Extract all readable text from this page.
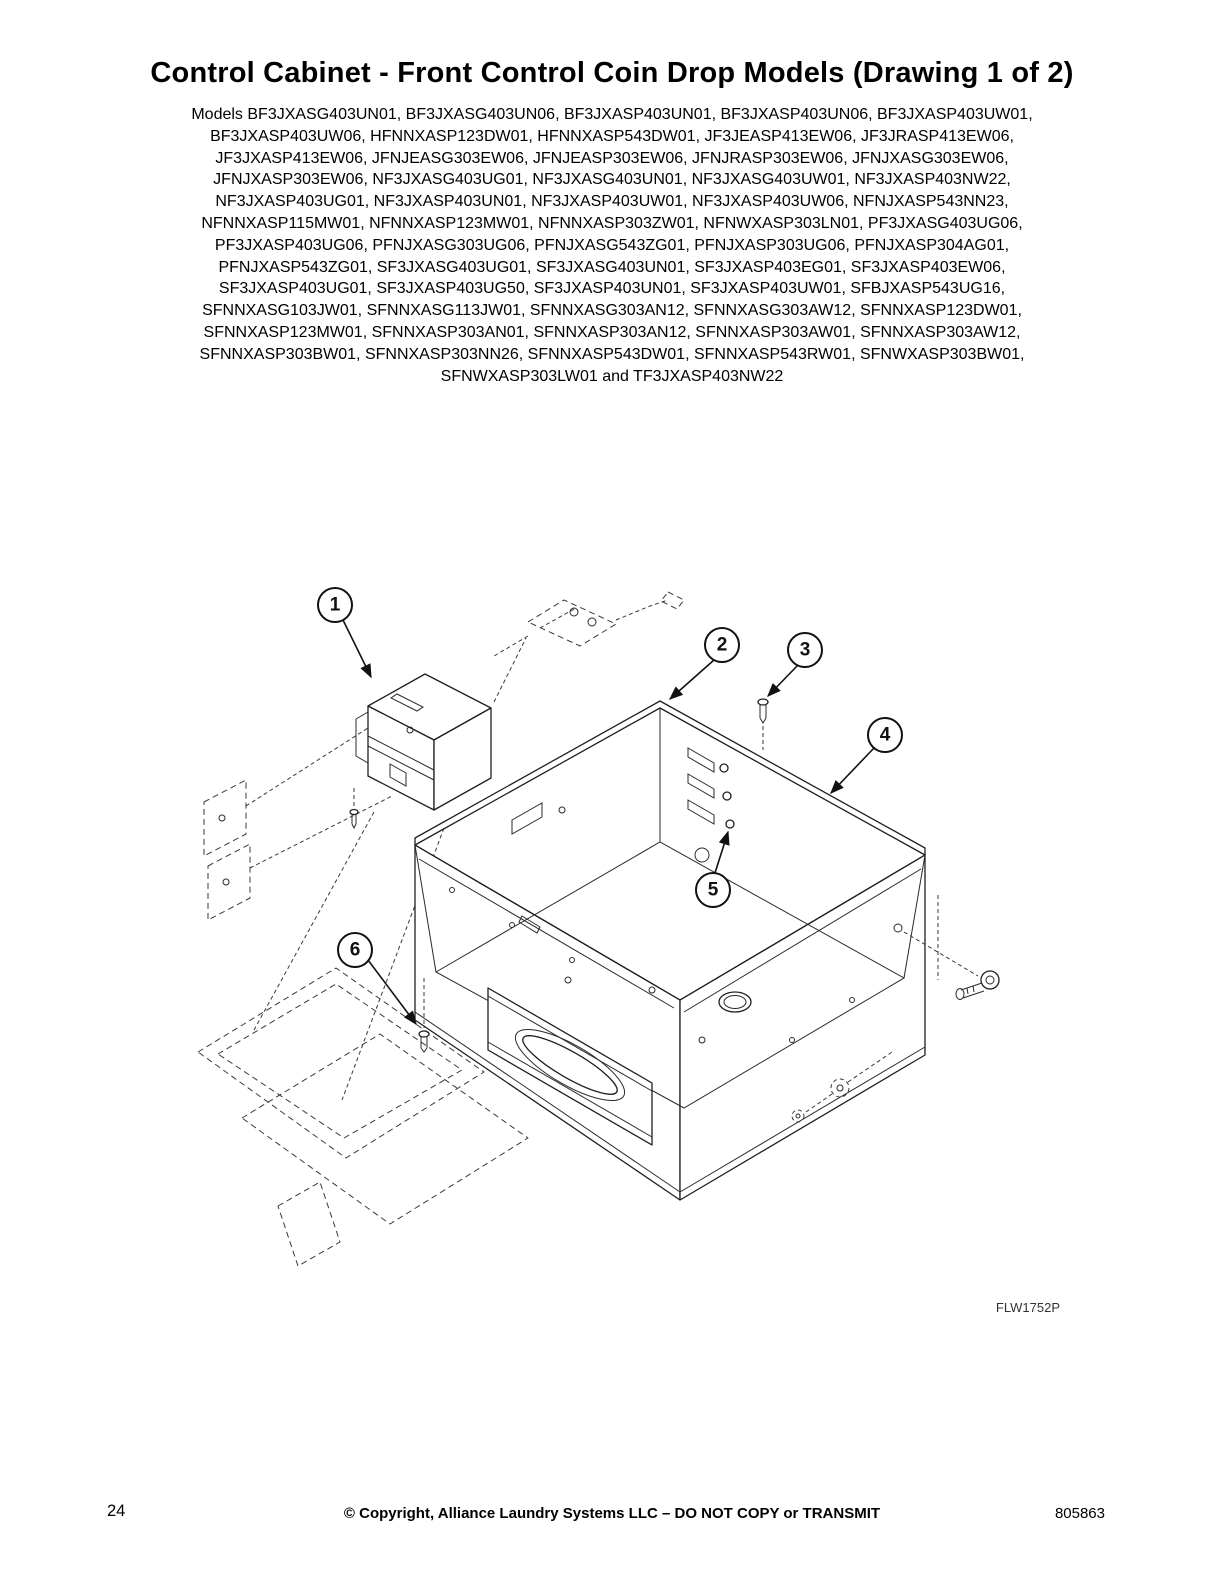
Control Cabinet - Front Control Coin Drop Models (Drawing 1 of 2)
Models BF3JXASG403UN01, BF3JXASG403UN06, BF3JXASP403UN01, BF3JXASP403UN06, BF3JXASP403UW01,
BF3JXASP403UW06, HFNNXASP123DW01, HFNNXASP543DW01, JF3JEASP413EW06, JF3JRASP413EW06,
JF3JXASP413EW06, JFNJEASG303EW06, JFNJEASP303EW06, JFNJRASP303EW06, JFNJXASG303EW06,
JFNJXASP303EW06, NF3JXASG403UG01, NF3JXASG403UN01, NF3JXASG403UW01, NF3JXASP403NW22,
NF3JXASP403UG01, NF3JXASP403UN01, NF3JXASP403UW01, NF3JXASP403UW06, NFNJXASP543NN23,
NFNNXASP115MW01, NFNNXASP123MW01, NFNNXASP303ZW01, NFNWXASP303LN01, PF3JXASG403UG06,
PF3JXASP403UG06, PFNJXASG303UG06, PFNJXASG543ZG01, PFNJXASP303UG06, PFNJXASP304AG01,
PFNJXASP543ZG01, SF3JXASG403UG01, SF3JXASG403UN01, SF3JXASP403EG01, SF3JXASP403EW06,
SF3JXASP403UG01, SF3JXASP403UG50, SF3JXASP403UN01, SF3JXASP403UW01, SFBJXASP543UG16,
SFNNXASG103JW01, SFNNXASG113JW01, SFNNXASG303AN12, SFNNXASG303AW12, SFNNXASP123DW01,
SFNNXASP123MW01, SFNNXASP303AN01, SFNNXASP303AN12, SFNNXASP303AW01, SFNNXASP303AW12,
SFNNXASP303BW01, SFNNXASP303NN26, SFNNXASP543DW01, SFNNXASP543RW01, SFNWXASP303BW01,
SFNWXASP303LW01 and TF3JXASP403NW22
1
2	3
4
5
6
FLW1752P
24	© Copyright, Alliance Laundry Systems LLC – DO NOT COPY or TRANSMIT	805863
